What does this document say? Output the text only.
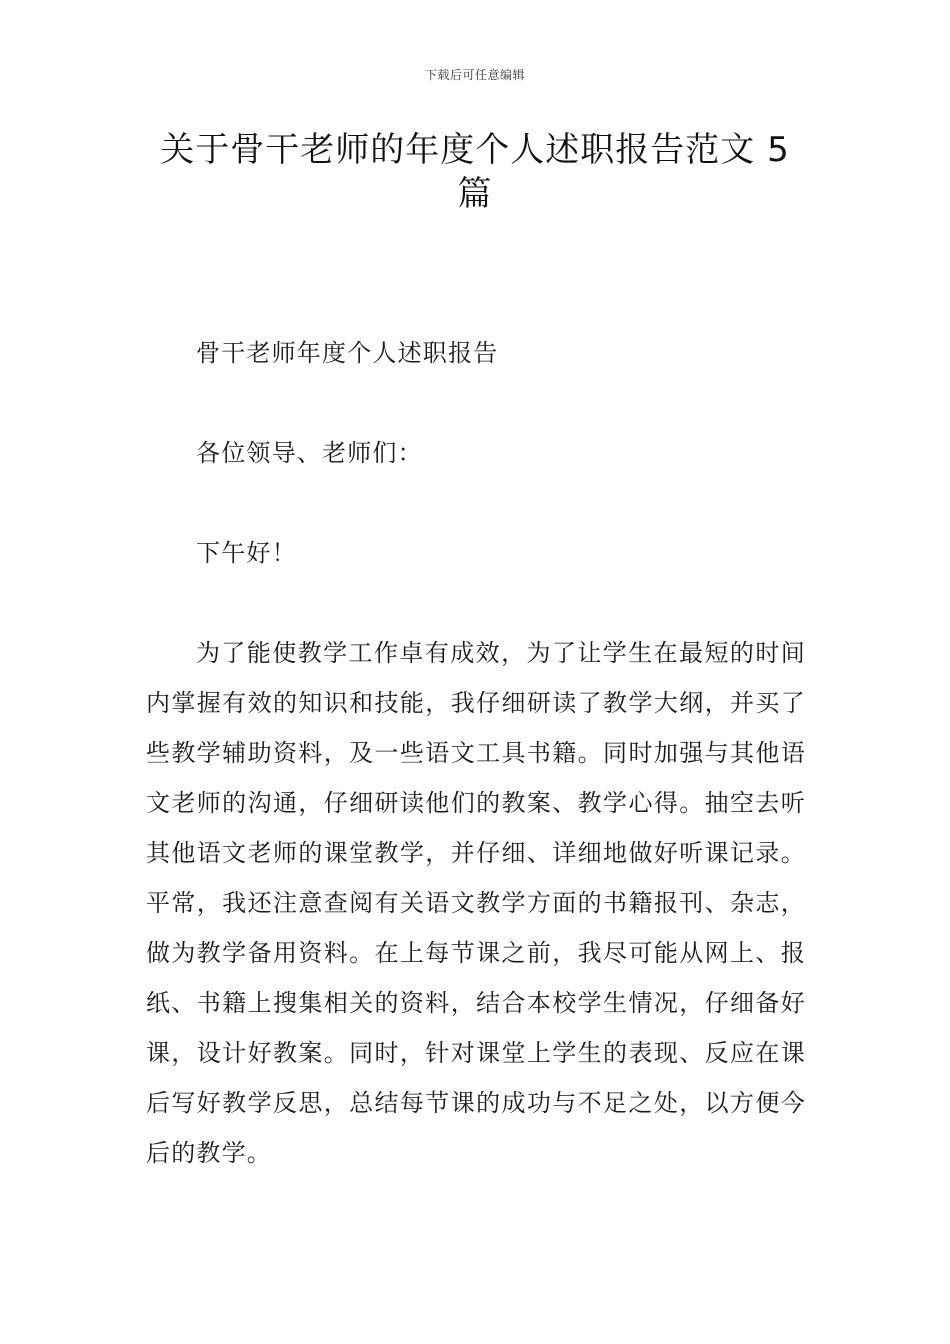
下载后可任意编辑
关于骨干老师的年度个人述职报告范文 5 篇

骨干老师年度个人述职报告

各位领导、老师们：

下午好！

为了能使教学工作卓有成效，为了让学生在最短的时间内掌握有效的知识和技能，我仔细研读了教学大纲，并买了些教学辅助资料，及一些语文工具书籍。同时加强与其他语文老师的沟通，仔细研读他们的教案、教学心得。抽空去听其他语文老师的课堂教学，并仔细、详细地做好听课记录。平常，我还注意查阅有关语文教学方面的书籍报刊、杂志，做为教学备用资料。在上每节课之前，我尽可能从网上、报纸、书籍上搜集相关的资料，结合本校学生情况，仔细备好课，设计好教案。同时，针对课堂上学生的表现、反应在课后写好教学反思，总结每节课的成功与不足之处，以方便今后的教学。
